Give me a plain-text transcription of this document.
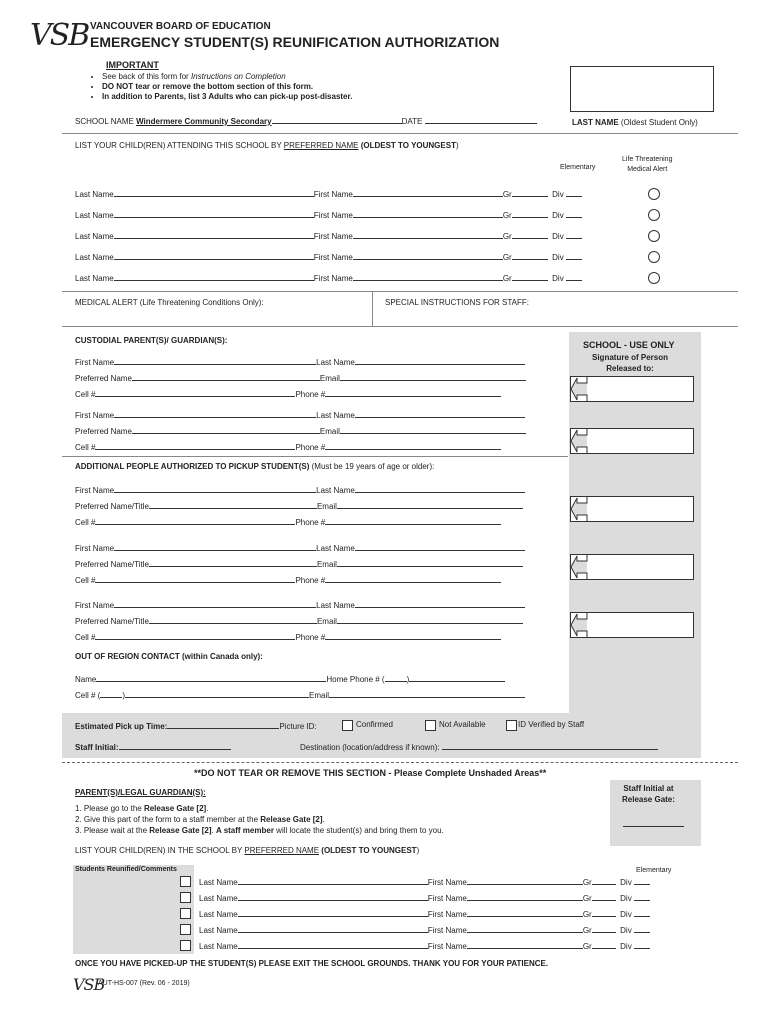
VSB VANCOUVER BOARD OF EDUCATION
EMERGENCY STUDENT(S) REUNIFICATION AUTHORIZATION
IMPORTANT
• See back of this form for Instructions on Completion
• DO NOT tear or remove the bottom section of this form.
• In addition to Parents, list 3 Adults who can pick-up post-disaster.
SCHOOL NAME Windermere Community Secondary	DATE	LAST NAME (Oldest Student Only)
LIST YOUR CHILD(REN) ATTENDING THIS SCHOOL BY PREFERRED NAME (OLDEST TO YOUNGEST)
Elementary
Life Threatening
Medical Alert
Last Name	First Name	Gr	Div
Last Name	First Name	Gr	Div
Last Name	First Name	Gr	Div
Last Name	First Name	Gr	Div
Last Name	First Name	Gr	Div
MEDICAL ALERT (Life Threatening Conditions Only):	SPECIAL INSTRUCTIONS FOR STAFF:
SCHOOL - USE ONLY
Signature of Person
Released to:
CUSTODIAL PARENT(S)/ GUARDIAN(S):
First Name	Last Name
Preferred Name	Email
Cell #	Phone #
First Name	Last Name
Preferred Name	Email
Cell #	Phone #
ADDITIONAL PEOPLE AUTHORIZED TO PICKUP STUDENT(S) (Must be 19 years of age or older):
First Name	Last Name
Preferred Name/Title	Email
Cell #	Phone #
First Name	Last Name
Preferred Name/Title	Email
Cell #	Phone #
First Name	Last Name
Preferred Name/Title	Email
Cell #	Phone #
OUT OF REGION CONTACT (within Canada only):
Name	Home Phone # (	)
Cell # (	)	Email
Estimated Pick up Time:	Picture ID:	Confirmed	Not Available	ID Verified by Staff
Staff Initial:	Destination (location/address if known):
**DO NOT TEAR OR REMOVE THIS SECTION - Please Complete Unshaded Areas**
PARENT(S)/LEGAL GUARDIAN(S):	Staff Initial at
Release Gate:
1. Please go to the Release Gate [2].
2. Give this part of the form to a staff member at the Release Gate [2].
3. Please wait at the Release Gate [2]. A staff member will locate the student(s) and bring them to you.
LIST YOUR CHILD(REN) IN THE SCHOOL BY PREFERRED NAME (OLDEST TO YOUNGEST)
Students Reunified/Comments	Elementary
Last Name	First Name	Gr	Div
Last Name	First Name	Gr	Div
Last Name	First Name	Gr	Div
Last Name	First Name	Gr	Div
Last Name	First Name	Gr	Div
ONCE YOU HAVE PICKED-UP THE STUDENT(S) PLEASE EXIT THE SCHOOL GROUNDS. THANK YOU FOR YOUR PATIENCE.
VSB
AUT-HS-007 (Rev. 06 - 2019)
